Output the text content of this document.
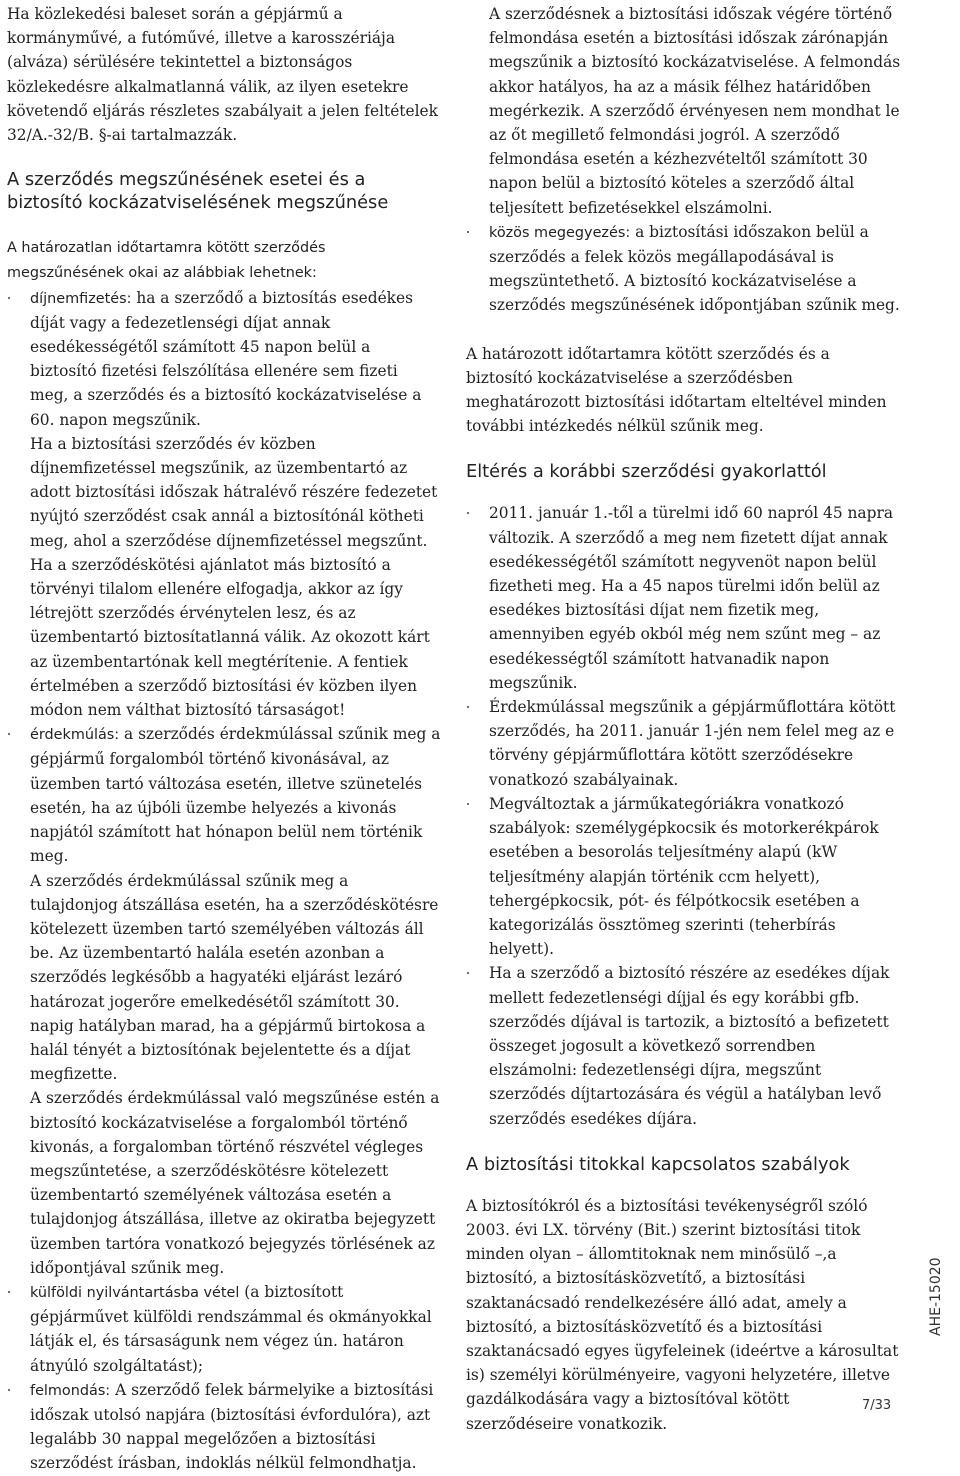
Ha közlekedési baleset során a gépjármű a kormányművé, a futóművé, illetve a karosszériája (alváza) sérülésére tekintettel a biztonságos közlekedésre alkalmatlanná válik, az ilyen esetekre követendő eljárás részletes szabályait a jelen feltételek 32/A.-32/B. §-ai tartalmazzák.

A szerződés megszűnésének esetei és a biztosító kockázatviselésének megszűnése

A határozatlan időtartamra kötött szerződés megszűnésének okai az alábbiak lehetnek:

díjnemfizetés: ha a szerződő a biztosítás esedékes díját vagy a fedezetlenségi díjat annak esedékességétől számított 45 napon belül a biztosító fizetési felszólítása ellenére sem fizeti meg, a szerződés és a biztosító kockázatviselése a 60. napon megszűnik.

Ha a biztosítási szerződés év közben díjnemfizetéssel megszűnik, az üzembentartó az adott biztosítási időszak hátralévő részére fedezetet nyújtó szerződést csak annál a biztosítónál kötheti meg, ahol a szerződése díjnemfizetéssel megszűnt. Ha a szerződéskötési ajánlatot más biztosító a törvényi tilalom ellenére elfogadja, akkor az így létrejött szerződés érvénytelen lesz, és az üzembentartó biztosítatlanná válik. Az okozott kárt az üzembentartónak kell megtérítenie. A fentiek értelmében a szerződő biztosítási év közben ilyen módon nem válthat biztosító társaságot!

érdekmúlás: a szerződés érdekmúlással szűnik meg a gépjármű forgalomból történő kivonásával, az üzemben tartó változása esetén, illetve szünetelés esetén, ha az újbóli üzembe helyezés a kivonás napjától számított hat hónapon belül nem történik meg.

A szerződés érdekmúlással szűnik meg a tulajdonjog átszállása esetén, ha a szerződéskötésre kötelezett üzemben tartó személyében változás áll be. Az üzembentartó halála esetén azonban a szerződés legkésőbb a hagyatéki eljárást lezáró határozat jogerőre emelkedésétől számított 30. napig hatályban marad, ha a gépjármű birtokosa a halál tényét a biztosítónak bejelentette és a díjat megfizette.

A szerződés érdekmúlással való megszűnése estén a biztosító kockázatviselése a forgalomból történő kivonás, a forgalomban történő részvétel végleges megszűntetése, a szerződéskötésre kötelezett üzembentartó személyének változása esetén a tulajdonjog átszállása, illetve az okiratba bejegyzett üzemben tartóra vonatkozó bejegyzés törlésének az időpontjával szűnik meg.

külföldi nyilvántartásba vétel (a biztosított gépjárművet külföldi rendszámmal és okmányokkal látják el, és társaságunk nem végez ún. határon átnyúló szolgáltatást);

felmondás: A szerződő felek bármelyike a biztosítási időszak utolsó napjára (biztosítási évfordulóra), azt legalább 30 nappal megelőzően a biztosítási szerződést írásban, indoklás nélkül felmondhatja.

A szerződésnek a biztosítási időszak végére történő felmondása esetén a biztosítási időszak zárónapján megszűnik a biztosító kockázatviselése. A felmondás akkor hatályos, ha az a másik félhez határidőben megérkezik. A szerződő érvényesen nem mondhat le az őt megillető felmondási jogról. A szerződő felmondása esetén a kézhezvételtől számított 30 napon belül a biztosító köteles a szerződő által teljesített befizetésekkel elszámolni.

közös megegyezés: a biztosítási időszakon belül a szerződés a felek közös megállapodásával is megszüntethető. A biztosító kockázatviselése a szerződés megszűnésének időpontjában szűnik meg.

A határozott időtartamra kötött szerződés és a biztosító kockázatviselése a szerződésben meghatározott biztosítási időtartam elteltével minden további intézkedés nélkül szűnik meg.

Eltérés a korábbi szerződési gyakorlattól

2011. január 1.-től a türelmi idő 60 napról 45 napra változik. A szerződő a meg nem fizetett díjat annak esedékességétől számított negyvenöt napon belül fizetheti meg. Ha a 45 napos türelmi időn belül az esedékes biztosítási díjat nem fizetik meg, amennyiben egyéb okból még nem szűnt meg – az esedékességtől számított hatvanadik napon megszűnik.

Érdekmúlással megszűnik a gépjárműflottára kötött szerződés, ha 2011. január 1-jén nem felel meg az e törvény gépjárműflottára kötött szerződésekre vonatkozó szabályainak.

Megváltoztak a járműkategóriákra vonatkozó szabályok: személygépkocsik és motorkerékpárok esetében a besorolás teljesítmény alapú (kW teljesítmény alapján történik ccm helyett), tehergépkocsik, pót- és félpótkocsik esetében a kategorizálás össztömeg szerinti (teherbírás helyett).

Ha a szerződő a biztosító részére az esedékes díjak mellett fedezetlenségi díjjal és egy korábbi gfb. szerződés díjával is tartozik, a biztosító a befizetett összeget jogosult a következő sorrendben elszámolni: fedezetlenségi díjra, megszűnt szerződés díjtartozására és végül a hatályban levő szerződés esedékes díjára.

A biztosítási titokkal kapcsolatos szabályok

A biztosítókról és a biztosítási tevékenységről szóló 2003. évi LX. törvény (Bit.) szerint biztosítási titok minden olyan – állomtitoknak nem minősülő –,a biztosító, a biztosításközvetítő, a biztosítási szaktanácsadó rendelkezésére álló adat, amely a biztosító, a biztosításközvetítő és a biztosítási szaktanácsadó egyes ügyfeleinek (ideértve a károsultat is) személyi körülményeire, vagyoni helyzetére, illetve gazdálkodására vagy a biztosítóval kötött szerződéseire vonatkozik.

AHE-15020
7/33
